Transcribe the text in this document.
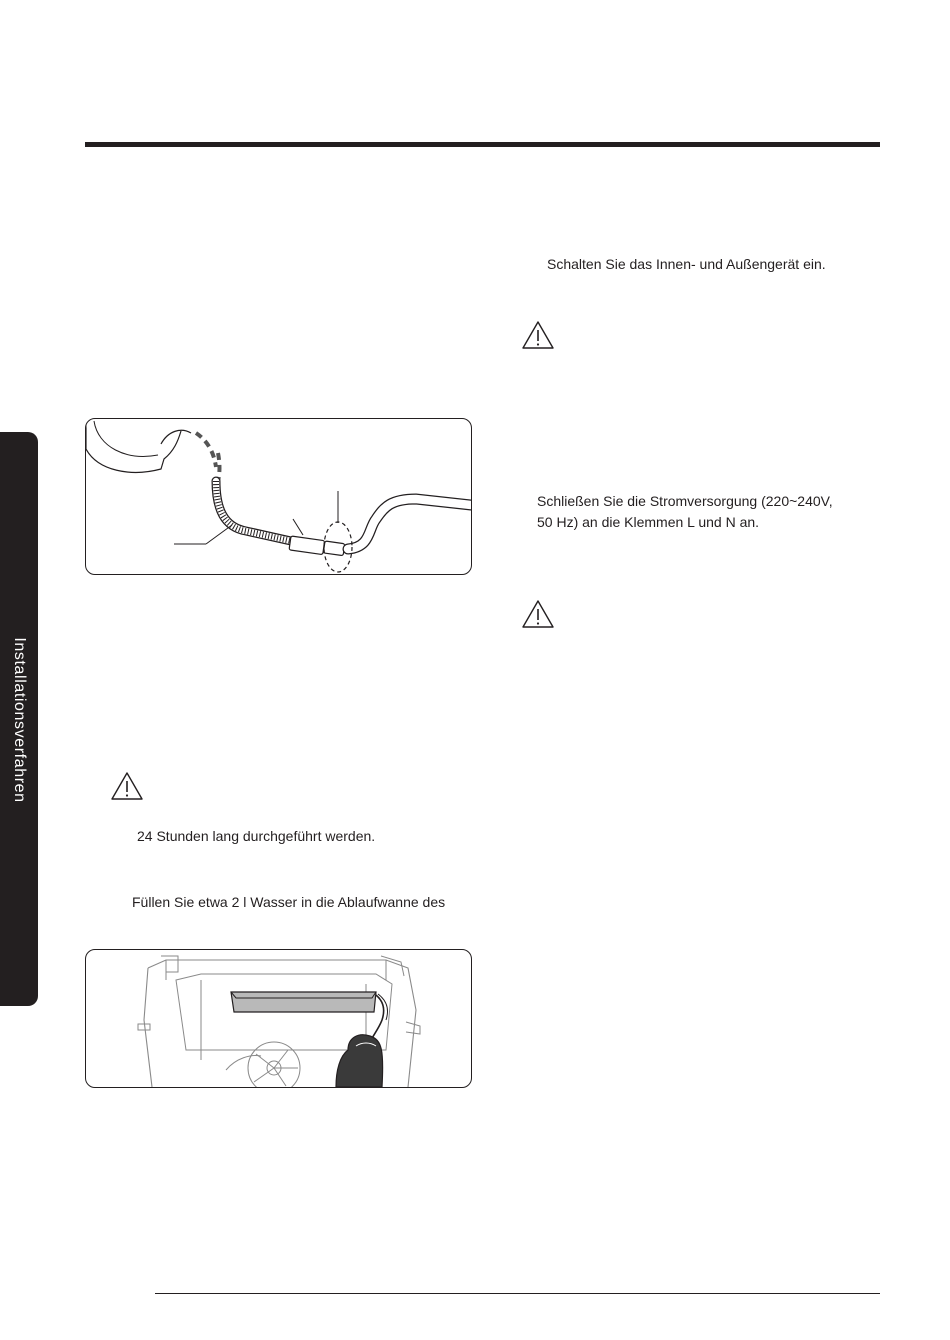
Installationsverfahren
Schalten Sie das Innen- und Außengerät ein.
Schließen Sie die Stromversorgung (220~240V,
50 Hz) an die Klemmen L und N an.
24 Stunden lang durchgeführt werden.
Füllen Sie etwa 2 l Wasser in die Ablaufwanne des
